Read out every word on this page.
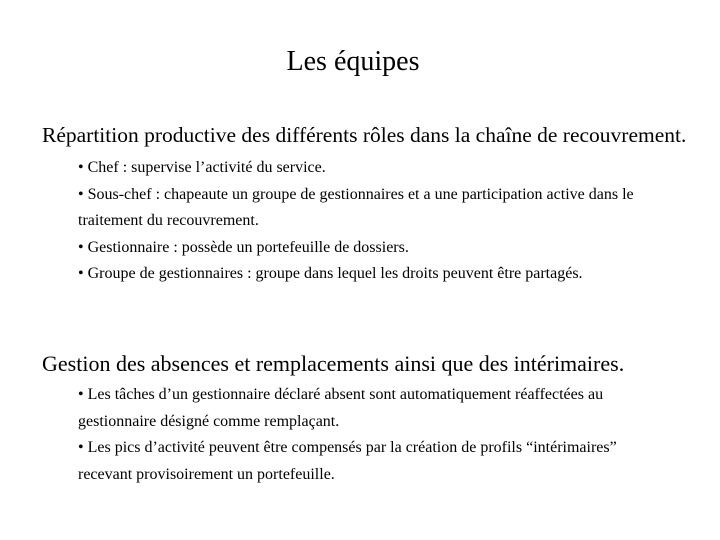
Les équipes

Répartition productive des différents rôles dans la chaîne de recouvrement.

• Chef : supervise l’activité du service.
• Sous-chef : chapeaute un groupe de gestionnaires et a une participation active dans le traitement du recouvrement.
• Gestionnaire : possède un portefeuille de dossiers.
• Groupe de gestionnaires : groupe dans lequel les droits peuvent être partagés.

Gestion des absences et remplacements ainsi que des intérimaires.

• Les tâches d’un gestionnaire déclaré absent sont automatiquement réaffectées au gestionnaire désigné comme remplaçant.
• Les pics d’activité peuvent être compensés par la création de profils “intérimaires” recevant provisoirement un portefeuille.
